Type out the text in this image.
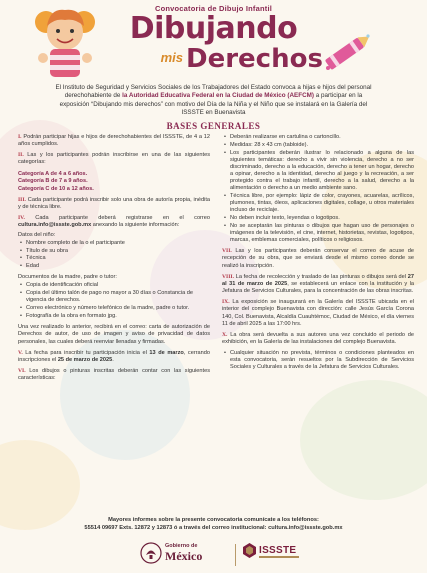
Convocatoria de Dibujo Infantil
Dibujando
mis Derechos
El Instituto de Seguridad y Servicios Sociales de los Trabajadores del Estado convoca a hijas e hijos del personal derechohabiente de la Autoridad Educativa Federal en la Ciudad de México (AEFCM) a participar en la exposición “Dibujando mis derechos” con motivo del Día de la Niña y el Niño que se instalará en la Galería del ISSSTE en Buenavista
BASES GENERALES

I. Podrán participar hijas e hijos de derechohabientes del ISSSTE, de 4 a 12 años cumplidos.

II. Las y los participantes podrán inscribirse en una de las siguientes categorías:

Categoría A de 4 a 6 años.
Categoría B de 7 a 9 años.
Categoría C de 10 a 12 años.

III. Cada participante podrá inscribir solo una obra de autoría propia, inédita y de técnica libre.

IV. Cada participante deberá registrarse en el correo cultura.info@issste.gob.mx anexando la siguiente información:

Datos del niño:
• Nombre completo de la o el participante
• Título de su obra
• Técnica
• Edad
Documentos de la madre, padre o tutor:
• Copia de identificación oficial
• Copia del último talón de pago no mayor a 30 días o Constancia de vigencia de derechos.
• Correo electrónico y número telefónico de la madre, padre o tutor.
• Fotografía de la obra en formato jpg.

Una vez realizado lo anterior, recibirá en el correo: carta de autorización de Derechos de autor, de uso de imagen y aviso de privacidad de datos personales, las cuales deberá reenviar llenadas y firmadas.

V. La fecha para inscribir tu participación inicia el 13 de marzo, cerrando inscripciones el 25 de marzo de 2025.

VI. Los dibujos o pinturas inscritas deberán contar con las siguientes características:

• Deberán realizarse en cartulina o cartoncillo.
• Medidas: 28 x 43 cm (tabloide).
• Los participantes deberán ilustrar lo relacionado a alguna de las siguientes temáticas: derecho a vivir sin violencia, derecho a no ser discriminado, derecho a la educación, derecho a tener un hogar, derecho a opinar, derecho a la identidad, derecho al juego y la recreación, a ser protegido contra el trabajo infantil, derecho a la salud, derecho a la alimentación o derecho a un medio ambiente sano.
• Técnica libre, por ejemplo: lápiz de color, crayones, acuarelas, acrílicos, plumones, tintas, óleos, aplicaciones digitales, collage, u otros materiales incluso de reciclaje.
• No deben incluir texto, leyendas o logotipos.
• No se aceptarán las pinturas o dibujos que hagan uso de personajes o imágenes de la televisión, el cine, internet, historietas, revistas, logotipos, marcas, emblemas comerciales, políticos o religiosos.

VII. Las y los participantes deberán conservar el correo de acuse de recepción de su obra, que se enviará desde el mismo correo donde se realizó la inscripción.

VIII. La fecha de recolección y traslado de las pinturas o dibujos será del 27 al 31 de marzo de 2025, se establecerá un enlace con la institución y la Jefatura de Servicios Culturales, para la concentración de las obras inscritas.

IX. La exposición se inaugurará en la Galería del ISSSTE ubicada en el interior del complejo Buenavista con dirección: calle Jesús García Corona 140, Col. Buenavista, Alcaldía Cuauhtémoc, Ciudad de México, el día viernes 11 de abril 2025 a las 17:00 hrs.

X. La obra será devuelta a sus autores una vez concluido el periodo de exhibición, en la Galería de las instalaciones del complejo Buenavista.

• Cualquier situación no prevista, términos o condiciones planteados en esta convocatoria, serán resueltos por la Subdirección de Servicios Sociales y Culturales a través de la Jefatura de Servicios Culturales.
Mayores informes sobre la presente convocatoria comunícate a los teléfonos:
55514 09697 Exts. 12872 y 12873 ó a través del correo institucional: cultura.info@issste.gob.mx
Gobierno de
México	ISSSTE
